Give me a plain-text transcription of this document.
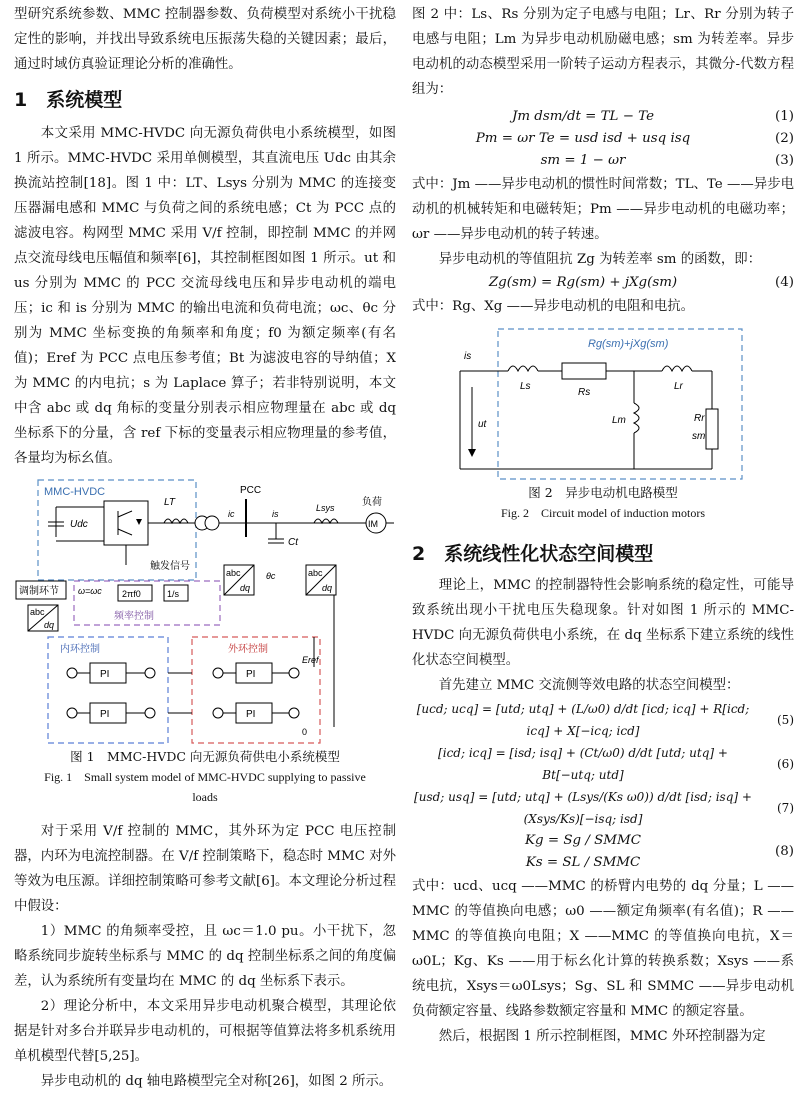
型研究系统参数、MMC 控制器参数、负荷模型对系统小干扰稳定性的影响，并找出导致系统电压振荡失稳的关键因素；最后，通过时域仿真验证理论分析的准确性。

1　系统模型

本文采用 MMC-HVDC 向无源负荷供电小系统模型，如图 1 所示。MMC-HVDC 采用单侧模型，其直流电压 Udc 由其余换流站控制[18]。图 1 中：LT、Lsys 分别为 MMC 的连接变压器漏电感和 MMC 与负荷之间的系统电感；Ct 为 PCC 点的滤波电容。构网型 MMC 采用 V/f 控制，即控制 MMC 的并网点交流母线电压幅值和频率[6]，其控制框图如图 1 所示。ut 和 us 分别为 MMC 的 PCC 交流母线电压和异步电动机的端电压；ic 和 is 分别为 MMC 的输出电流和负荷电流；ωc、θc 分别为 MMC 坐标变换的角频率和角度；f0 为额定频率(有名值)；Eref 为 PCC 点电压参考值；Bt 为滤波电容的导纳值；X 为 MMC 的内电抗；s 为 Laplace 算子；若非特别说明，本文中含 abc 或 dq 角标的变量分别表示相应物理量在 abc 或 dq 坐标系下的分量，含 ref 下标的变量表示相应物理量的参考值，各量均为标幺值。

MMC-HVDC
Udc
触发信号
LT
PCC
ic	is
Ct
Lsys	负荷
IM
abc
dq
abc
dq
θc
调制环节 ω=ωc 2πf0	1/s
频率控制
abc
dq
内环控制
PI
PI
外环控制
PI
PI
Eref
0

图 1　MMC-HVDC 向无源负荷供电小系统模型

Fig. 1　Small system model of MMC-HVDC supplying to passive loads

对于采用 V/f 控制的 MMC，其外环为定 PCC 电压控制器，内环为电流控制器。在 V/f 控制策略下，稳态时 MMC 对外等效为电压源。详细控制策略可参考文献[6]。本文理论分析过程中假设：

1）MMC 的角频率受控，且 ωc＝1.0 pu。小干扰下，忽略系统同步旋转坐标系与 MMC 的 dq 控制坐标系之间的角度偏差，认为系统所有变量均在 MMC 的 dq 坐标系下表示。

2）理论分析中，本文采用异步电动机聚合模型，其理论依据是针对多台并联异步电动机的，可根据等值算法将多机系统用单机模型代替[5,25]。

异步电动机的 dq 轴电路模型完全对称[26]，如图 2 所示。

图 2 中：Ls、Rs 分别为定子电感与电阻；Lr、Rr 分别为转子电感与电阻；Lm 为异步电动机励磁电感；sm 为转差率。异步电动机的动态模型采用一阶转子运动方程表示，其微分-代数方程组为：

Jm dsm/dt = TL − Te	(1)
Pm = ωr Te = usd isd + usq isq	(2)
sm = 1 − ωr	(3)

式中：Jm ——异步电动机的惯性时间常数；TL、Te ——异步电动机的机械转矩和电磁转矩；Pm ——异步电动机的电磁功率；ωr ——异步电动机的转子转速。

异步电动机的等值阻抗 Zg 为转差率 sm 的函数，即：

Zg(sm) = Rg(sm) + jXg(sm)	(4)

式中：Rg、Xg ——异步电动机的电阻和电抗。

Rg(sm)+jXg(sm)
is
Ls
Rs
Lr
Rr
sm
Lm
ut

图 2　异步电动机电路模型

Fig. 2　Circuit model of induction motors

2　系统线性化状态空间模型

理论上，MMC 的控制器特性会影响系统的稳定性，可能导致系统出现小干扰电压失稳现象。针对如图 1 所示的 MMC-HVDC 向无源负荷供电小系统，在 dq 坐标系下建立系统的线性化状态空间模型。

首先建立 MMC 交流侧等效电路的状态空间模型：

[ucd; ucq] = [utd; utq] + (L/ω0) d/dt [icd; icq] + R[icd; icq] + X[−icq; icd]
(5)
[icd; icq] = [isd; isq] + (Ct/ω0) d/dt [utd; utq] + Bt[−utq; utd]
(6)
[usd; usq] = [utd; utq] + (Lsys/(Ks ω0)) d/dt [isd; isq] + (Xsys/Ks)[−isq; isd]
(7)
Kg = Sg / SMMC
Ks = SL / SMMC
(8)

式中：ucd、ucq ——MMC 的桥臂内电势的 dq 分量；L ——MMC 的等值换向电感；ω0 ——额定角频率(有名值)；R ——MMC 的等值换向电阻；X ——MMC 的等值换向电抗，X＝ω0L；Kg、Ks ——用于标幺化计算的转换系数；Xsys ——系统电抗，Xsys＝ω0Lsys；Sg、SL 和 SMMC ——异步电动机负荷额定容量、线路参数额定容量和 MMC 的额定容量。

然后，根据图 1 所示控制框图，MMC 外环控制器为定
